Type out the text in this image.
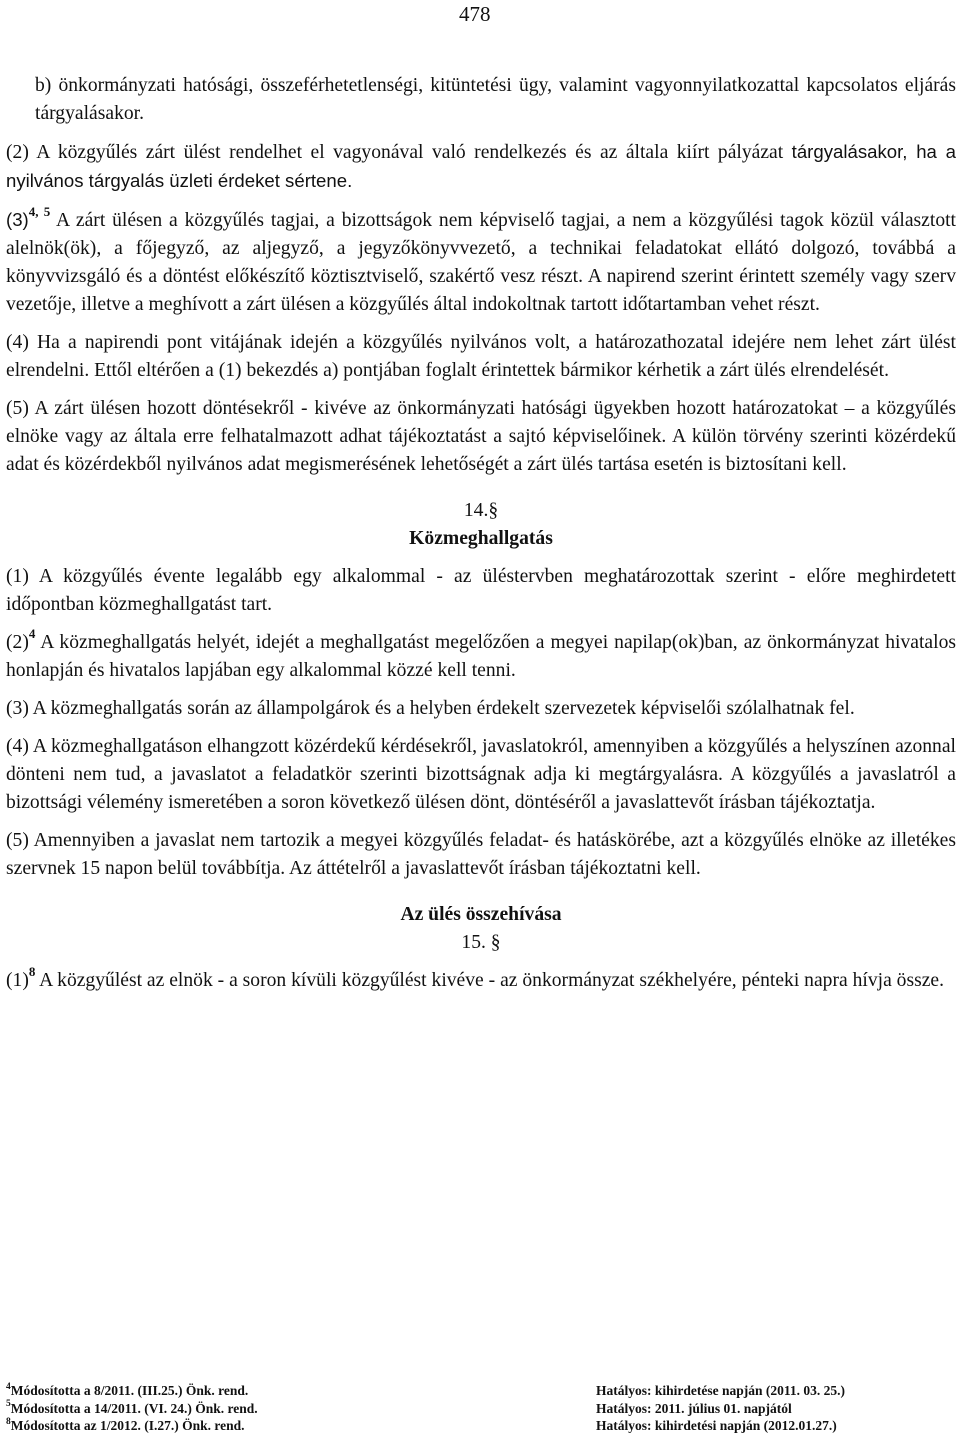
478

b) önkormányzati hatósági, összeférhetetlenségi, kitüntetési ügy, valamint vagyonnyilatkozattal kapcsolatos eljárás tárgyalásakor.

(2) A közgyűlés zárt ülést rendelhet el vagyonával való rendelkezés és az általa kiírt pályázat tárgyalásakor, ha a nyilvános tárgyalás üzleti érdeket sértene.

$(3)^{4, 5}$ A zárt ülésen a közgyűlés tagjai, a bizottságok nem képviselő tagjai, a nem a közgyűlési tagok közül választott alelnök(ök), a főjegyző, az aljegyző, a jegyzőkönyvvezető, a technikai feladatokat ellátó dolgozó, továbbá a könyvvizsgáló és a döntést előkészítő köztisztviselő, szakértő vesz részt. A napirend szerint érintett személy vagy szerv vezetője, illetve a meghívott a zárt ülésen a közgyűlés által indokoltnak tartott időtartamban vehet részt.

(4) Ha a napirendi pont vitájának idején a közgyűlés nyilvános volt, a határozathozatal idejére nem lehet zárt ülést elrendelni. Ettől eltérően a (1) bekezdés a) pontjában foglalt érintettek bármikor kérhetik a zárt ülés elrendelését.

(5) A zárt ülésen hozott döntésekről - kivéve az önkormányzati hatósági ügyekben hozott határozatokat – a közgyűlés elnöke vagy az általa erre felhatalmazott adhat tájékoztatást a sajtó képviselőinek. A külön törvény szerinti közérdekű adat és közérdekből nyilvános adat megismerésének lehetőségét a zárt ülés tartása esetén is biztosítani kell.

14.§

Közmeghallgatás

(1) A közgyűlés évente legalább egy alkalommal - az üléstervben meghatározottak szerint - előre meghirdetett időpontban közmeghallgatást tart.

$(2)^4$ A közmeghallgatás helyét, idejét a meghallgatást megelőzően a megyei napilap(ok)ban, az önkormányzat hivatalos honlapján és hivatalos lapjában egy alkalommal közzé kell tenni.

(3) A közmeghallgatás során az állampolgárok és a helyben érdekelt szervezetek képviselői szólalhatnak fel.

(4) A közmeghallgatáson elhangzott közérdekű kérdésekről, javaslatokról, amennyiben a közgyűlés a helyszínen azonnal dönteni nem tud, a javaslatot a feladatkör szerinti bizottságnak adja ki megtárgyalásra. A közgyűlés a javaslatról a bizottsági vélemény ismeretében a soron következő ülésen dönt, döntéséről a javaslattevőt írásban tájékoztatja.

(5) Amennyiben a javaslat nem tartozik a megyei közgyűlés feladat- és hatáskörébe, azt a közgyűlés elnöke az illetékes szervnek 15 napon belül továbbítja. Az áttételről a javaslattevőt írásban tájékoztatni kell.

Az ülés összehívása

15. §

$(1)^8$ A közgyűlést az elnök - a soron kívüli közgyűlést kivéve - az önkormányzat székhelyére, pénteki napra hívja össze.

$^4$Módosította a 8/2011. (III.25.) Önk. rend.	Hatályos: kihirdetése napján (2011. 03. 25.)
$^5$Módosította a 14/2011. (VI. 24.) Önk. rend.	Hatályos: 2011. július 01. napjától
$^8$Módosította az 1/2012. (I.27.) Önk. rend.	Hatályos: kihirdetési napján (2012.01.27.)
